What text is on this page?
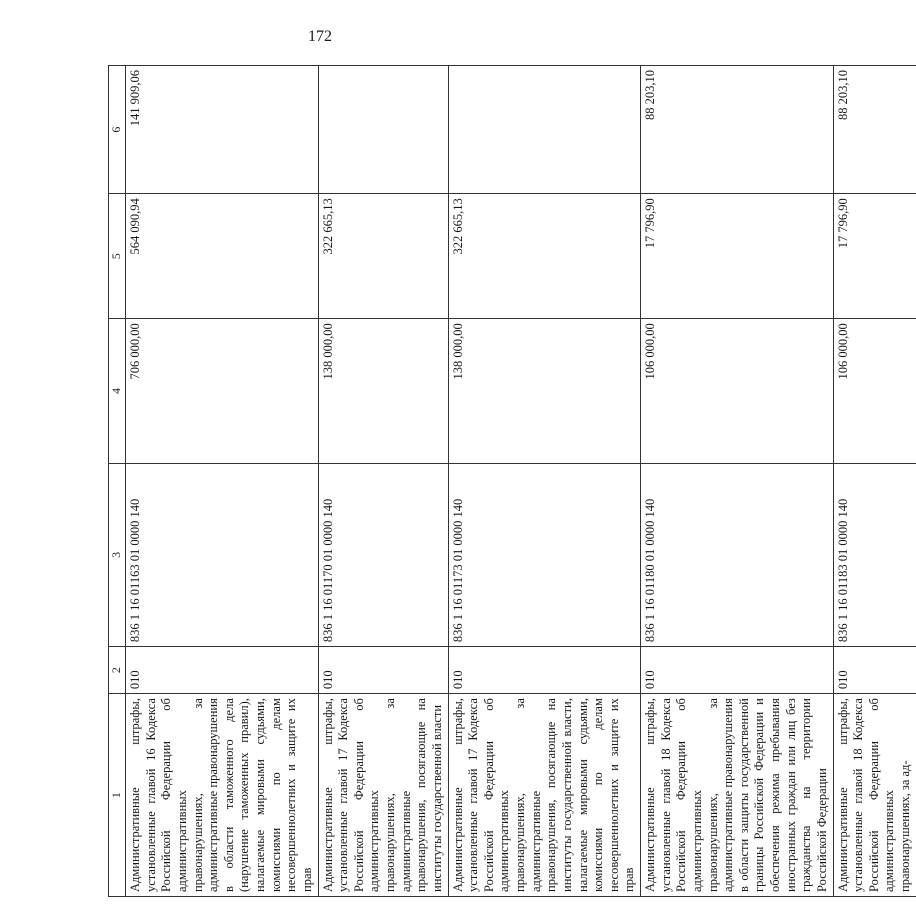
172
1	2	3	4	5	6
Административные штрафы, установленные главой 16 Кодекса Российской Федерации об административных правонарушениях, за административные правонарушения в области таможенного дела (нарушение таможенных правил), налагаемые мировыми судьями, комиссиями по делам несовершеннолетних и защите их прав	010	836 1 16 01163 01 0000 140	706 000,00	564 090,94	141 909,06
Административные штрафы, установленные главой 17 Кодекса Российской Федерации об административных правонарушениях, за административные правонарушения, посягающие на институты государственной власти	010	836 1 16 01170 01 0000 140	138 000,00	322 665,13	
Административные штрафы, установленные главой 17 Кодекса Российской Федерации об административных правонарушениях, за административные правонарушения, посягающие на институты государственной власти, налагаемые мировыми судьями, комиссиями по делам несовершеннолетних и защите их прав	010	836 1 16 01173 01 0000 140	138 000,00	322 665,13	
Административные штрафы, установленные главой 18 Кодекса Российской Федерации об административных правонарушениях, за административные правонарушения в области защиты государственной границы Российской Федерации и обеспечения режима пребывания иностранных граждан или лиц без гражданства на территории Российской Федерации	010	836 1 16 01180 01 0000 140	106 000,00	17 796,90	88 203,10
Административные штрафы, установленные главой 18 Кодекса Российской Федерации об административных правонарушениях, за ад-	010	836 1 16 01183 01 0000 140	106 000,00	17 796,90	88 203,10
